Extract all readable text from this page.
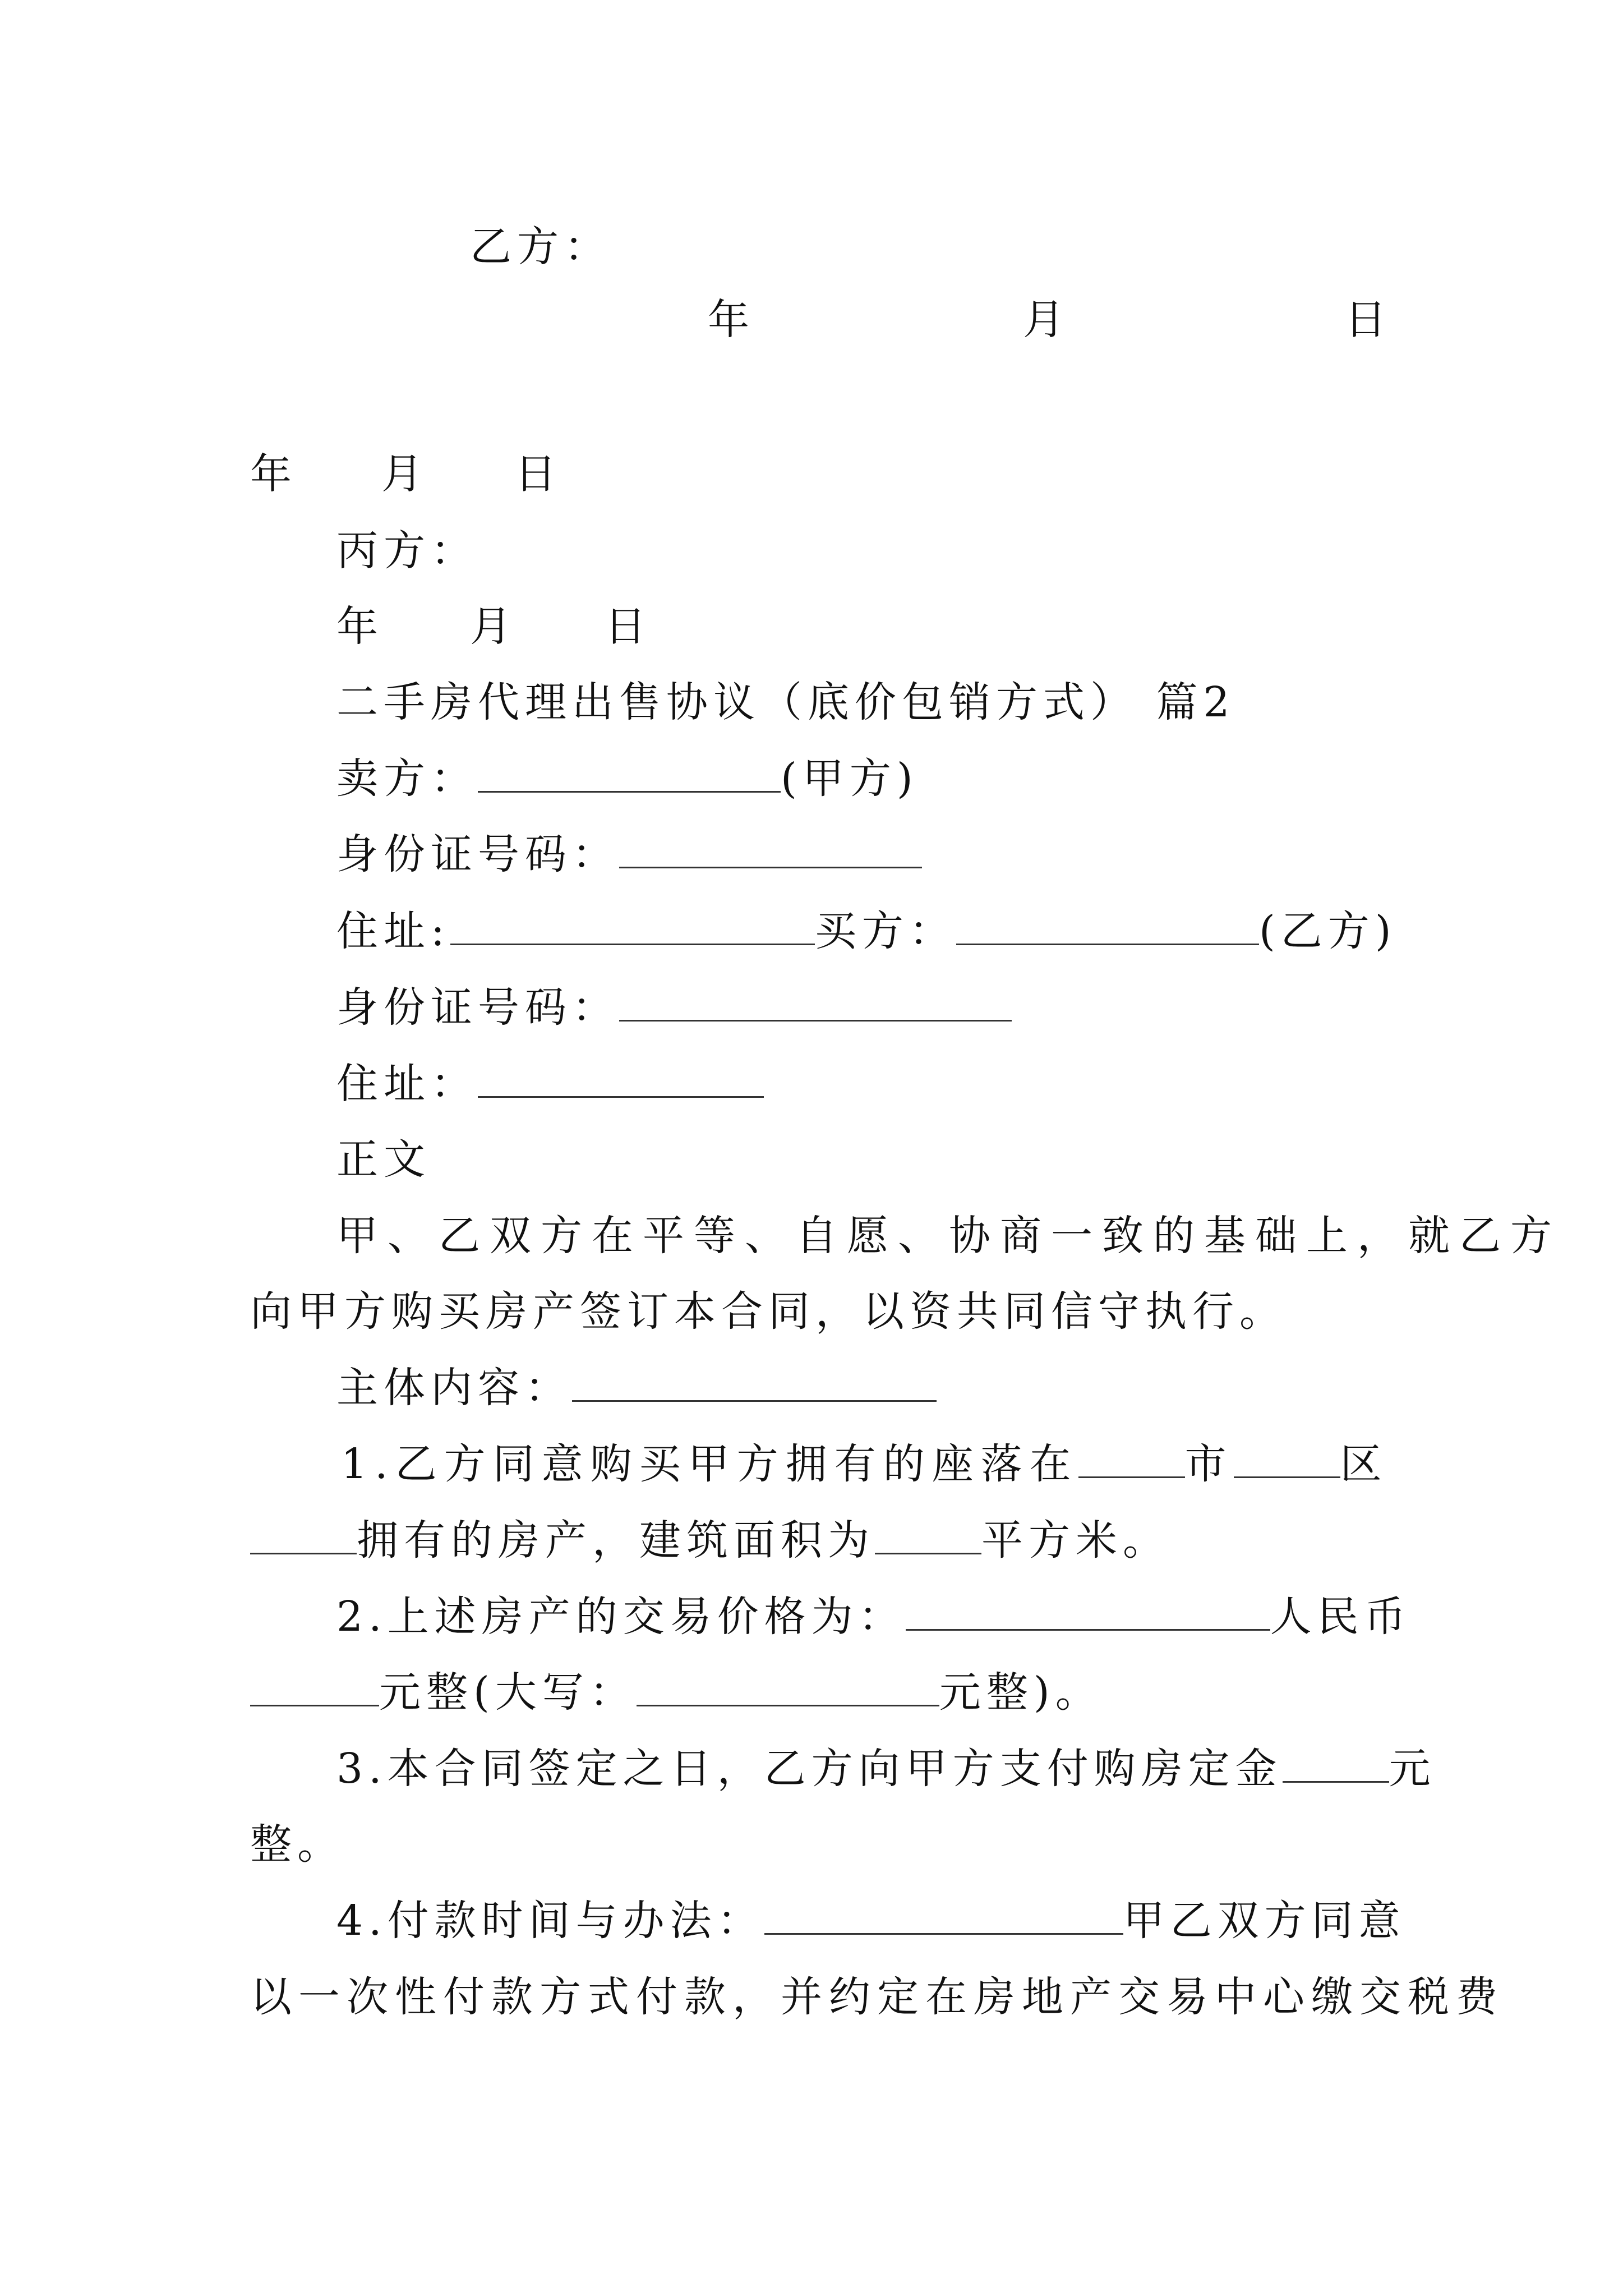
乙方：
年	月	日
年 月 日
丙方：
年 月 日
二手房代理出售协议（底价包销方式） 篇2
卖方：	(甲方)
身份证号码：
住址:	买方：	(乙方)
身份证号码：
住址：
正文
甲、乙双方在平等、自愿、协商一致的基础上，就乙方
向甲方购买房产签订本合同，以资共同信守执行。
主体内容：
1.乙方同意购买甲方拥有的座落在	市	区
拥有的房产，建筑面积为	平方米。
2.上述房产的交易价格为：	人民币
元整(大写：	元整)。
3.本合同签定之日，乙方向甲方支付购房定金	元
整。
4.付款时间与办法：	甲乙双方同意
以一次性付款方式付款，并约定在房地产交易中心缴交税费
